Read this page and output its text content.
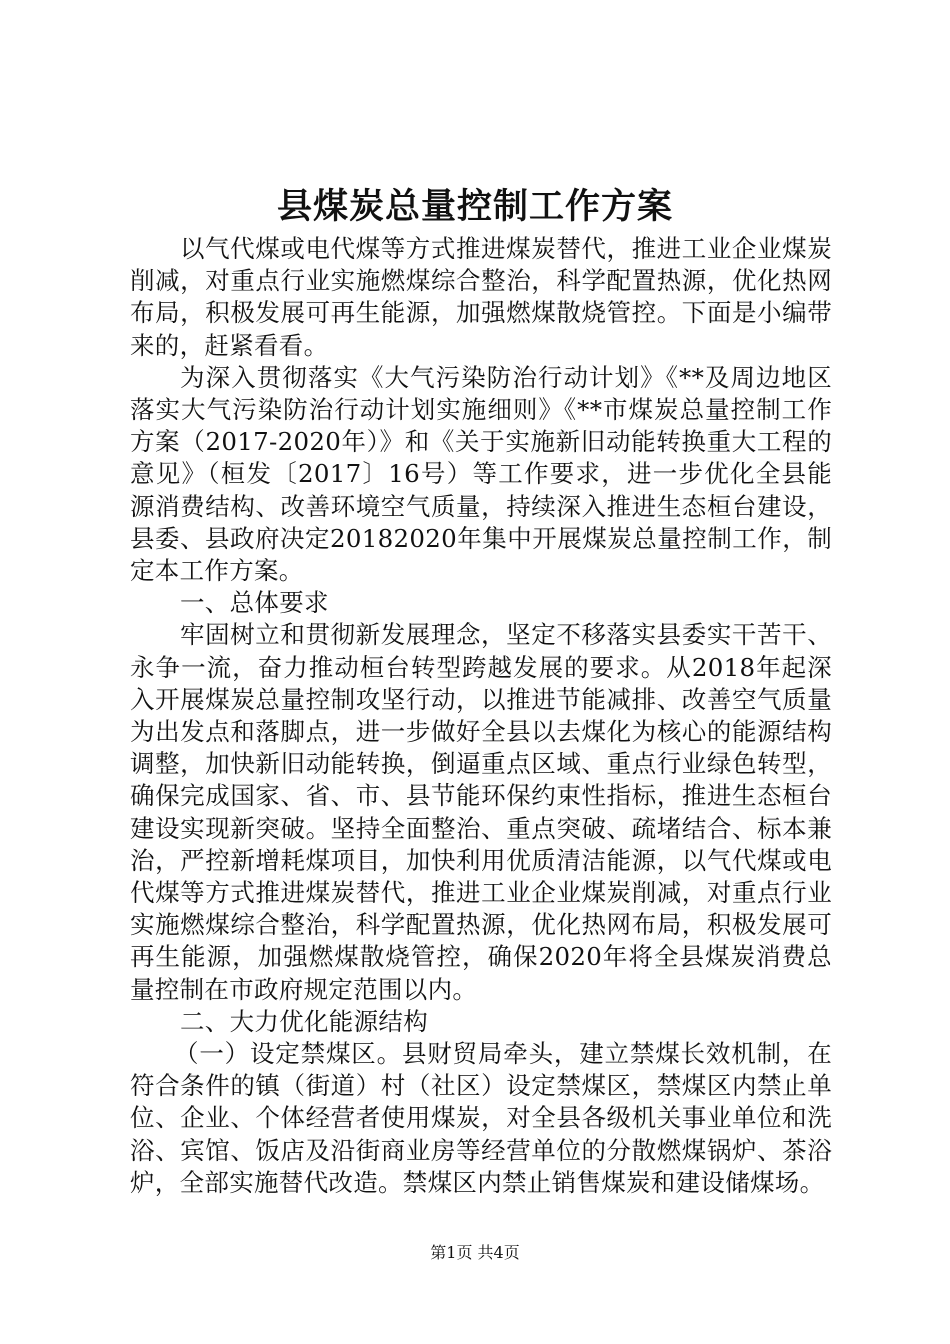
县煤炭总量控制工作方案

以气代煤或电代煤等方式推进煤炭替代，推进工业企业煤炭削减，对重点行业实施燃煤综合整治，科学配置热源，优化热网布局，积极发展可再生能源，加强燃煤散烧管控。下面是小编带来的，赶紧看看。

为深入贯彻落实《大气污染防治行动计划》《**及周边地区落实大气污染防治行动计划实施细则》《**市煤炭总量控制工作方案（2017-2020年）》和《关于实施新旧动能转换重大工程的意见》（桓发〔2017〕16号）等工作要求，进一步优化全县能源消费结构、改善环境空气质量，持续深入推进生态桓台建设，县委、县政府决定20182020年集中开展煤炭总量控制工作，制定本工作方案。

一、总体要求

牢固树立和贯彻新发展理念，坚定不移落实县委实干苦干、永争一流，奋力推动桓台转型跨越发展的要求。从2018年起深入开展煤炭总量控制攻坚行动，以推进节能减排、改善空气质量为出发点和落脚点，进一步做好全县以去煤化为核心的能源结构调整，加快新旧动能转换，倒逼重点区域、重点行业绿色转型，确保完成国家、省、市、县节能环保约束性指标，推进生态桓台建设实现新突破。坚持全面整治、重点突破、疏堵结合、标本兼治，严控新增耗煤项目，加快利用优质清洁能源，以气代煤或电代煤等方式推进煤炭替代，推进工业企业煤炭削减，对重点行业实施燃煤综合整治，科学配置热源，优化热网布局，积极发展可再生能源，加强燃煤散烧管控，确保2020年将全县煤炭消费总量控制在市政府规定范围以内。

二、大力优化能源结构

（一）设定禁煤区。县财贸局牵头，建立禁煤长效机制，在符合条件的镇（街道）村（社区）设定禁煤区，禁煤区内禁止单位、企业、个体经营者使用煤炭，对全县各级机关事业单位和洗浴、宾馆、饭店及沿街商业房等经营单位的分散燃煤锅炉、茶浴炉，全部实施替代改造。禁煤区内禁止销售煤炭和建设储煤场。

第1页 共4页
